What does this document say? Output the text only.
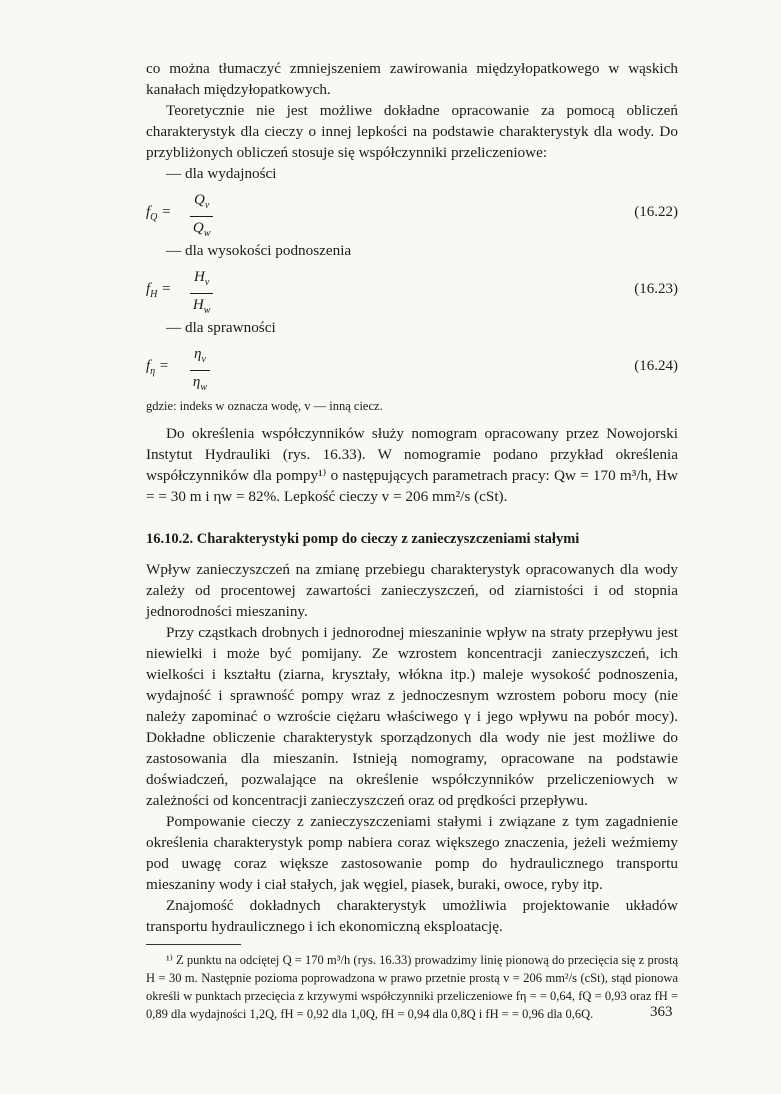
co można tłumaczyć zmniejszeniem zawirowania międzyłopatkowego w wąskich kanałach międzyłopatkowych.

Teoretycznie nie jest możliwe dokładne opracowanie za pomocą obliczeń charakterystyk dla cieczy o innej lepkości na podstawie charakterystyk dla wody. Do przybliżonych obliczeń stosuje się współczynniki przeliczeniowe:

— dla wydajności

$f_Q = \frac{Q_v}{Q_w}$	(16.22)

— dla wysokości podnoszenia

$f_H = \frac{H_v}{H_w}$	(16.23)

— dla sprawności

$f_\eta = \frac{\eta_v}{\eta_w}$	(16.24)

gdzie: indeks w oznacza wodę, v — inną ciecz.

Do określenia współczynników służy nomogram opracowany przez Nowojorski Instytut Hydrauliki (rys. 16.33). W nomogramie podano przykład określenia współczynników dla pompy¹⁾ o następujących parametrach pracy: Qw = 170 m³/h, Hw = = 30 m i ηw = 82%. Lepkość cieczy v = 206 mm²/s (cSt).

16.10.2. Charakterystyki pomp do cieczy z zanieczyszczeniami stałymi

Wpływ zanieczyszczeń na zmianę przebiegu charakterystyk opracowanych dla wody zależy od procentowej zawartości zanieczyszczeń, od ziarnistości i od stopnia jednorodności mieszaniny.

Przy cząstkach drobnych i jednorodnej mieszaninie wpływ na straty przepływu jest niewielki i może być pomijany. Ze wzrostem koncentracji zanieczyszczeń, ich wielkości i kształtu (ziarna, kryształy, włókna itp.) maleje wysokość podnoszenia, wydajność i sprawność pompy wraz z jednoczesnym wzrostem poboru mocy (nie należy zapominać o wzroście ciężaru właściwego γ i jego wpływu na pobór mocy). Dokładne obliczenie charakterystyk sporządzonych dla wody nie jest możliwe do zastosowania dla mieszanin. Istnieją nomogramy, opracowane na podstawie doświadczeń, pozwalające na określenie współczynników przeliczeniowych w zależności od koncentracji zanieczyszczeń oraz od prędkości przepływu.

Pompowanie cieczy z zanieczyszczeniami stałymi i związane z tym zagadnienie określenia charakterystyk pomp nabiera coraz większego znaczenia, jeżeli weźmiemy pod uwagę coraz większe zastosowanie pomp do hydraulicznego transportu mieszaniny wody i ciał stałych, jak węgiel, piasek, buraki, owoce, ryby itp.

Znajomość dokładnych charakterystyk umożliwia projektowanie układów transportu hydraulicznego i ich ekonomiczną eksploatację.

¹⁾ Z punktu na odciętej Q = 170 m³/h (rys. 16.33) prowadzimy linię pionową do przecięcia się z prostą H = 30 m. Następnie pozioma poprowadzona w prawo przetnie prostą v = 206 mm²/s (cSt), stąd pionowa określi w punktach przecięcia z krzywymi współczynniki przeliczeniowe fη = = 0,64, fQ = 0,93 oraz fH = 0,89 dla wydajności 1,2Q, fH = 0,92 dla 1,0Q, fH = 0,94 dla 0,8Q i fH = = 0,96 dla 0,6Q.	363
